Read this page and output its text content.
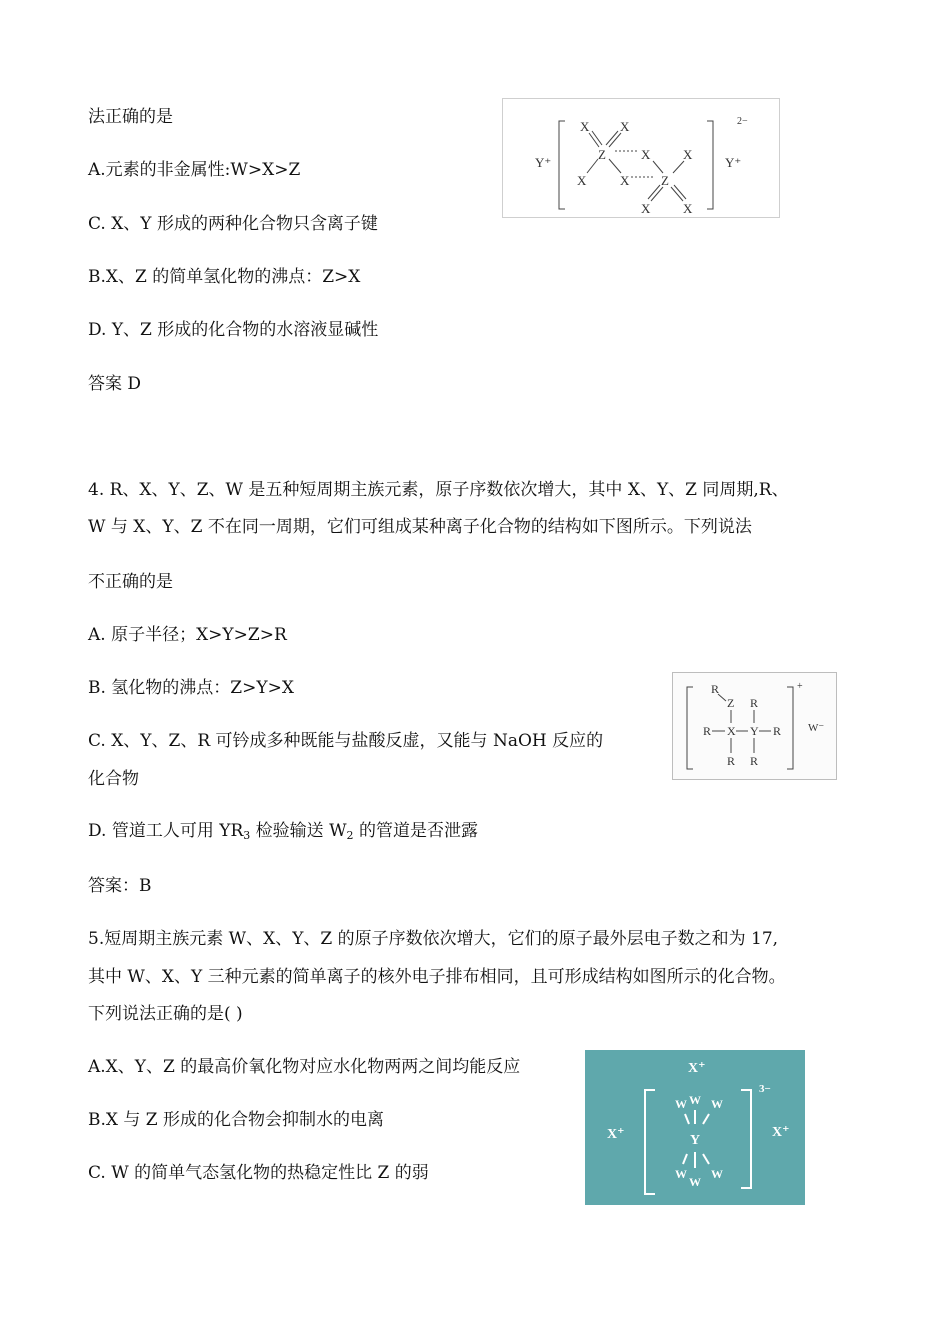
法正确的是
A.元素的非金属性:W>X>Z
C. X、Y 形成的两种化合物只含离子键
B.X、Z 的简单氢化物的沸点：Z>X
D. Y、Z 形成的化合物的水溶液显碱性
答案 D
Y⁺	Y⁺
2−
Z
X X
X	X
X
Z
X
X	X
4. R、X、Y、Z、W 是五种短周期主族元素，原子序数依次增大，其中 X、Y、Z 同周期,R、
W 与 X、Y、Z 不在同一周期，它们可组成某种离子化合物的结构如下图所示。下列说法
不正确的是
A. 原子半径；X>Y>Z>R
B. 氢化物的沸点：Z>Y>X
C. X、Y、Z、R 可钤成多种既能与盐酸反虚，又能与 NaOH 反应的
化合物
D. 管道工人可用 $YR_3$ 检验输送 $W_2$ 的管道是否泄露
答案：B
R
Z R
R X Y R
R R
W⁻
+
5.短周期主族元素 W、X、Y、Z 的原子序数依次增大，它们的原子最外层电子数之和为 17,
其中 W、X、Y 三种元素的简单离子的核外电子排布相同，且可形成结构如图所示的化合物。
下列说法正确的是( )
A.X、Y、Z 的最高价氧化物对应水化物两两之间均能反应
B.X 与 Z 形成的化合物会抑制水的电离
C. W 的简单气态氢化物的热稳定性比 Z 的弱
X⁺
X⁺	X⁺
3−
Y
W W W
W
W
W
